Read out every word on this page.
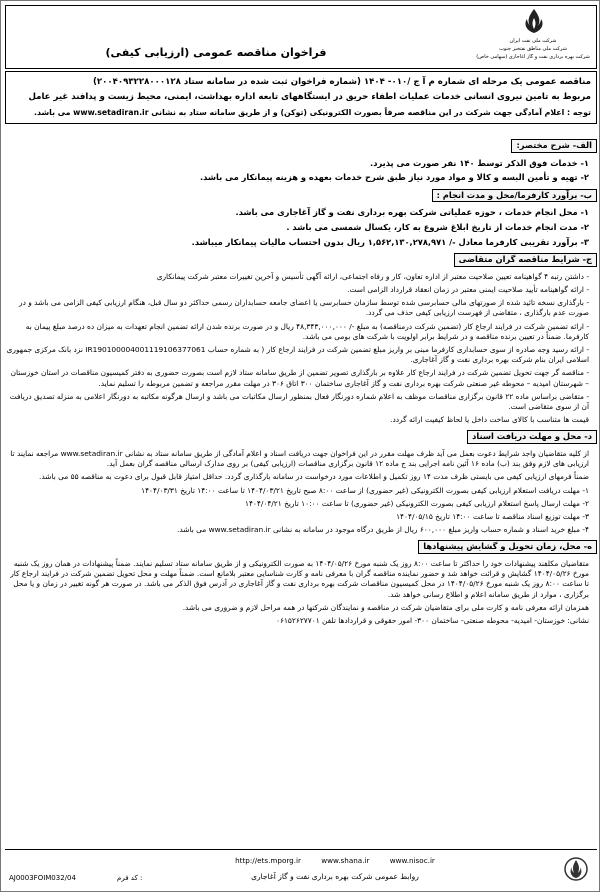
شرکت ملی نفت ایران
شرکت ملی مناطق نفتخیز جنوب
شرکت بهره برداری نفت و گاز آغاجاری (سهامی خاص)
فراخوان مناقصه عمومی (ارزیابی کیفی)
مناقصه عمومی یک مرحله ای شماره م آ ج /۰۱۰- ۱۴۰۴ (شماره فراخوان ثبت شده در سامانه ستاد ۲۰۰۴۰۹۳۲۲۸۰۰۰۱۲۸)
مربوط به تامین نیروی انسانی خدمات عملیات اطفاء حریق در ایستگاههای تابعه اداره بهداشت، ایمنی، محیط زیست و پدافند غیر عامل
توجه : اعلام آمادگی جهت شرکت در این مناقصه صرفاً بصورت الکترونیکی (توکن) و از طریق سامانه ستاد به نشانی www.setadiran.ir می باشد.
الف- شرح مختصر:
۱- خدمات فوق الذکر توسط ۱۴۰ نفر صورت می پذیرد.
۲- تهیه و تأمین البسه و کالا و مواد مورد نیاز طبق شرح خدمات بعهده و هزینه پیمانکار می باشد.
ب- برآورد کارفرما/محل و مدت انجام :
۱- محل انجام خدمات ، حوزه عملیاتی شرکت بهره برداری نفت و گاز آغاجاری می باشد.
۲- مدت انجام خدمات از تاریخ ابلاغ شروع به کار، یکسال شمسی می باشد .
۳- برآورد تقریبی کارفرما معادل -/ ۱,۵۶۲,۱۳۰,۲۷۸,۹۷۱ ریال بدون احتساب مالیات پیمانکار میباشد.
ج- شرایط مناقصه گران متقاضی
- داشتن رتبه ۴ گواهینامه تعیین صلاحیت معتبر از اداره تعاون، کار و رفاه اجتماعی، ارائه آگهی تأسیس و آخرین تغییرات معتبر شرکت پیمانکاری
- ارائه گواهینامه تأیید صلاحیت ایمنی معتبر در زمان انعقاد قرارداد الزامی است.
- بارگذاری نسخه تائید شده از صورتهای مالی حسابرسی شده توسط سازمان حسابرسی یا اعضای جامعه حسابداران رسمی حداکثر دو سال قبل، هنگام ارزیابی کیفی الزامی می باشد و در صورت عدم بارگذاری ، متقاضی از فهرست ارزیابی کیفی حذف می گردد.
- ارائه تضمین شرکت در فرایند ارجاع کار (تضمین شرکت درمناقصه) به مبلغ -/ ۴۸,۳۴۳,۰۰۰,۰۰۰ ریال و در صورت برنده شدن ارائه تضمین انجام تعهدات به میزان ده درصد مبلغ پیمان به کارفرما. ضمناً در تعیین برنده مناقصه و در شرایط برابر اولویت با شرکت های بومی می باشد.
- ارائه رسید وجه صادره از سوی حسابداری کارفرما مبنی بر واریز مبلغ تضمین شرکت در فرایند ارجاع کار ( به شماره حساب IR190100004001119106377061 نزد بانک مرکزی جمهوری اسلامی ایران بنام شرکت بهره برداری نفت و گاز آغاجاری.
- مناقصه گر جهت تحویل تضمین شرکت در فرایند ارجاع کار علاوه بر بارگذاری تصویر تضمین از طریق سامانه ستاد لازم است بصورت حضوری به دفتر کمیسیون مناقصات در استان خوزستان – شهرستان امیدیه – محوطه غیر صنعتی شرکت بهره برداری نفت و گاز آغاجاری ساختمان ۳۰۰ اتاق ۳۰۶ در مهلت مقرر مراجعه و تضمین مربوطه را تسلیم نماید.
- متقاضی براساس ماده ۲۲ قانون برگزاری مناقصات موظف به اعلام شماره دورنگار فعال بمنظور ارسال مکاتبات می باشد و ارسال هرگونه مکاتبه به دورنگار اعلامی به منزله تصدیق دریافت آن از سوی متقاضی است.
قیمت ها متناسب با کالای ساخت داخل یا لحاظ کیفیت ارائه گردد.
د- محل و مهلت دریافت اسناد
از کلیه متقاضیان واجد شرایط دعوت بعمل می آید ظرف مهلت مقرر در این فراخوان جهت دریافت اسناد و اعلام آمادگی از طریق سامانه ستاد به نشانی www.setadiran.ir مراجعه نمایند تا ارزیابی های لازم وفق بند (ب) ماده ۱۶ آئین نامه اجرایی بند ج ماده ۱۲ قانون برگزاری مناقصات (ارزیابی کیفی) بر روی مدارک ارسالی مناقصه گران بعمل آید.
ضمناً فرمهای ارزیابی کیفی می بایستی ظرف مدت ۱۴ روز تکمیل و اطلاعات مورد درخواست در سامانه بارگذاری گردد. حداقل امتیاز قابل قبول برای دعوت به مناقصه ۵۵ می باشد.
۱- مهلت دریافت استعلام ارزیابی کیفی بصورت الکترونیکی (غیر حضوری) از ساعت ۸:۰۰ صبح تاریخ ۱۴۰۴/۰۳/۲۱ تا ساعت ۱۴:۰۰ تاریخ ۱۴۰۴/۰۳/۳۱
۲- مهلت ارسال پاسخ استعلام ارزیابی کیفی بصورت الکترونیکی (غیر حضوری) تا ساعت ۱۰:۰۰ تاریخ ۱۴۰۴/۰۴/۲۱
۳- مهلت توزیع اسناد مناقصه تا ساعت ۱۴:۰۰ تاریخ ۱۴۰۴/۰۵/۱۵
۴- مبلغ خرید اسناد و شماره حساب واریز مبلغ ۶۰۰,۰۰۰ ریال از طریق درگاه موجود در سامانه به نشانی www.setadiran.ir می باشد.
ه- محل، زمان تحویل و گشایش پیشنهادها
متقاضیان مکلفند پیشنهادات خود را حداکثر تا ساعت ۸:۰۰ روز یک شنبه مورخ ۱۴۰۴/۰۵/۲۶ به صورت الکترونیکی و از طریق سامانه ستاد تسلیم نمایند. ضمناً پیشنهادات در همان روز یک شنبه مورخ ۱۴۰۴/۰۵/۲۶ گشایش و قرائت خواهد شد و حضور نماینده مناقصه گران با معرفی نامه و کارت شناسایی معتبر بلامانع است. ضمناً مهلت و محل تحویل تضمین شرکت در فرایند ارجاع کار تا ساعت ۸:۰۰ روز یک شنبه مورخ ۱۴۰۴/۰۵/۲۶ در محل کمیسیون مناقصات شرکت بهره برداری نفت و گاز آغاجاری در آدرس فوق الذکر می باشد. در صورت هر گونه تغییر در زمان و یا محل برگزاری ، موارد از طریق سامانه اعلام و اطلاع رسانی خواهد شد.
همزمان ارائه معرفی نامه و کارت ملی برای متقاضیان شرکت در مناقصه و نمایندگان شرکتها در همه مراحل لازم و ضروری می باشد.
نشانی: خوزستان- امیدیه- محوطه صنعتی- ساختمان ۳۰۰- امور حقوقی و قراردادها تلفن ۰۶۱۵۲۶۲۷۷۰۱
AJ0003FOIM032/04	کد فرم :
http://ets.mporg.ir	www.shana.ir	www.nisoc.ir
روابط عمومی شرکت بهره برداری نفت و گاز آغاجاری
